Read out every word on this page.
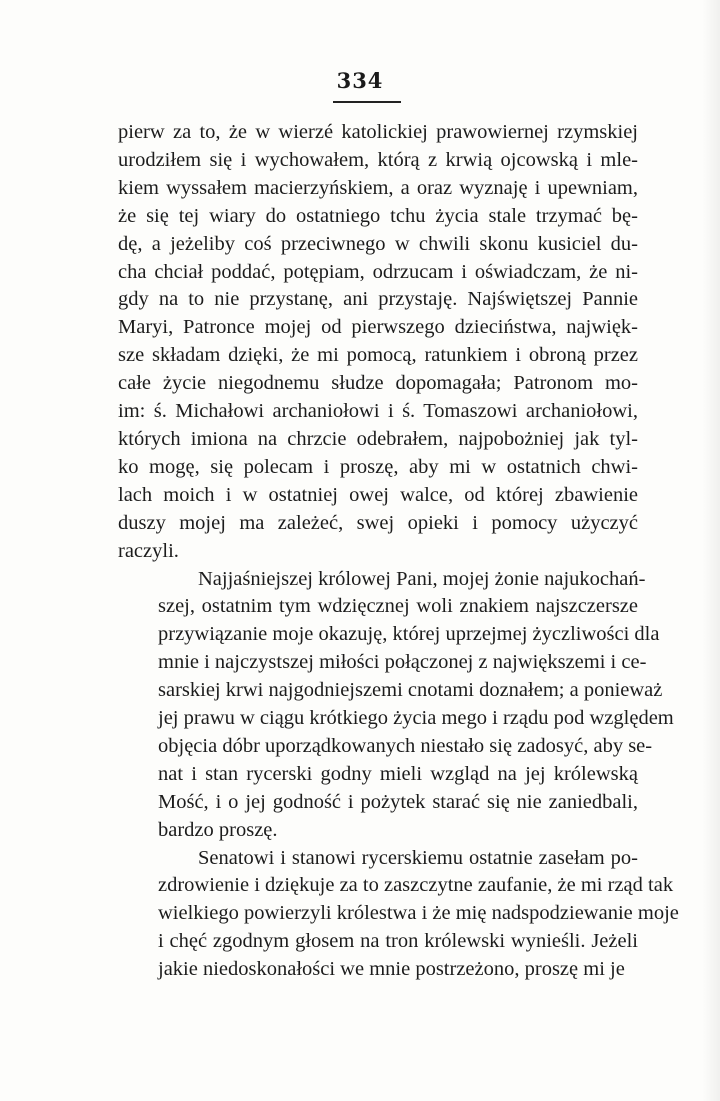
334
pierw za to, że w wierzé katolickiej prawowiernej rzymskiej
urodziłem się i wychowałem, którą z krwią ojcowską i mle-
kiem wyssałem macierzyńskiem, a oraz wyznaję i upewniam,
że się tej wiary do ostatniego tchu życia stale trzymać bę-
dę, a jeżeliby coś przeciwnego w chwili skonu kusiciel du-
cha chciał poddać, potępiam, odrzucam i oświadczam, że ni-
gdy na to nie przystanę, ani przystaję. Najświętszej Pannie
Maryi, Patronce mojej od pierwszego dzieciństwa, najwięk-
sze składam dzięki, że mi pomocą, ratunkiem i obroną przez
całe życie niegodnemu słudze dopomagała; Patronom mo-
im: ś. Michałowi archaniołowi i ś. Tomaszowi archaniołowi,
których imiona na chrzcie odebrałem, najpobożniej jak tyl-
ko mogę, się polecam i proszę, aby mi w ostatnich chwi-
lach moich i w ostatniej owej walce, od której zbawienie
duszy mojej ma zależeć, swej opieki i pomocy użyczyć
raczyli.
Najjaśniejszej królowej Pani, mojej żonie najukochań-
szej, ostatnim tym wdzięcznej woli znakiem najszczersze
przywiązanie moje okazuję, której uprzejmej życzliwości dla
mnie i najczystszej miłości połączonej z największemi i ce-
sarskiej krwi najgodniejszemi cnotami doznałem; a ponieważ
jej prawu w ciągu krótkiego życia mego i rządu pod względem
objęcia dóbr uporządkowanych niestało się zadosyć, aby se-
nat i stan rycerski godny mieli wzgląd na jej królewską
Mość, i o jej godność i pożytek starać się nie zaniedbali,
bardzo proszę.
Senatowi i stanowi rycerskiemu ostatnie zasełam po-
zdrowienie i dziękuje za to zaszczytne zaufanie, że mi rząd tak
wielkiego powierzyli królestwa i że mię nadspodziewanie moje
i chęć zgodnym głosem na tron królewski wynieśli. Jeżeli
jakie niedoskonałości we mnie postrzeżono, proszę mi je
